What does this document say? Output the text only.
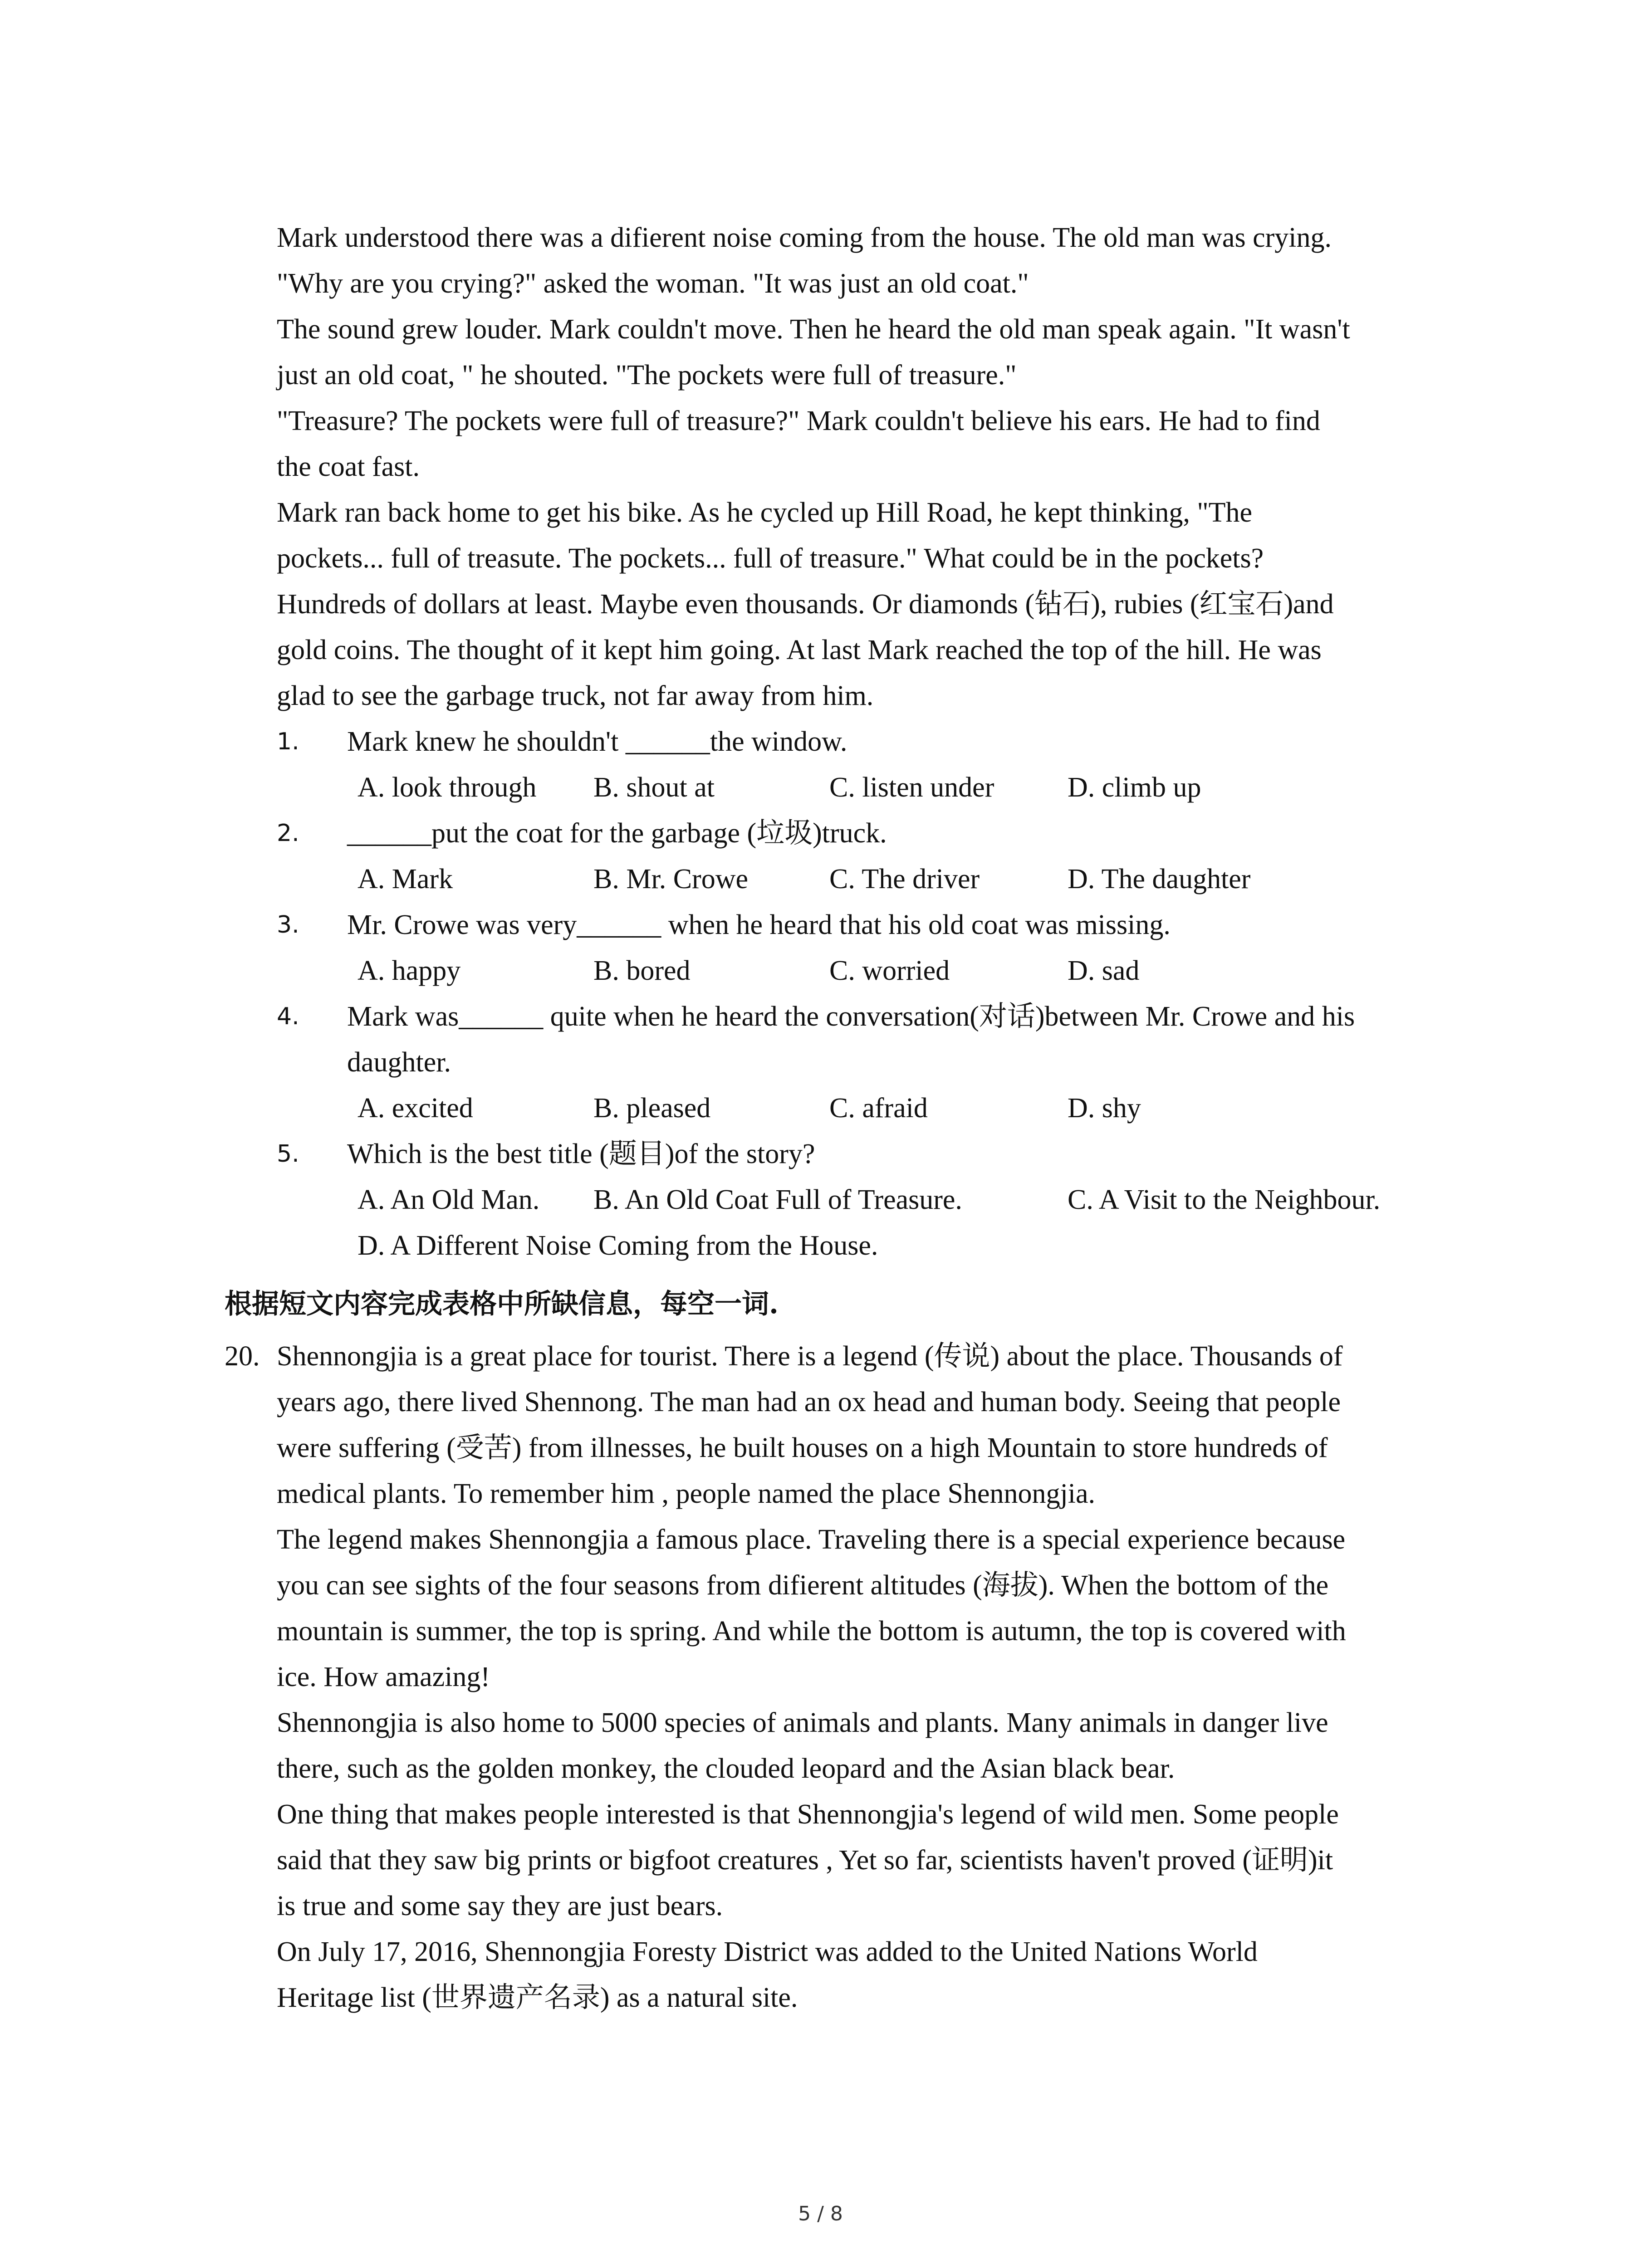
Mark understood there was a difierent noise coming from the house. The old man was crying.
"Why are you crying?" asked the woman. "It was just an old coat."
The sound grew louder. Mark couldn't move. Then he heard the old man speak again. "It wasn't
just an old coat, " he shouted. "The pockets were full of treasure."
"Treasure? The pockets were full of treasure?" Mark couldn't believe his ears. He had to find
the coat fast.
Mark ran back home to get his bike. As he cycled up Hill Road, he kept thinking, "The
pockets... full of treasute. The pockets... full of treasure." What could be in the pockets?
Hundreds of dollars at least. Maybe even thousands. Or diamonds (钻石), rubies (红宝石)and
gold coins. The thought of it kept him going. At last Mark reached the top of the hill. He was
glad to see the garbage truck, not far away from him.
1. Mark knew he shouldn't ______the window.
A. look through B. shout at	C. listen under	D. climb up
2. ______put the coat for the garbage (垃圾)truck.
A. Mark	B. Mr. Crowe	C. The driver	D. The daughter
3. Mr. Crowe was very______ when he heard that his old coat was missing.
A. happy	B. bored	C. worried	D. sad
4. Mark was______ quite when he heard the conversation(对话)between Mr. Crowe and his
daughter.
A. excited	B. pleased	C. afraid	D. shy
5. Which is the best title (题目)of the story?
A. An Old Man. B. An Old Coat Full of Treasure.	C. A Visit to the Neighbour.
D. A Different Noise Coming from the House.
根据短文内容完成表格中所缺信息，每空一词.
20. Shennongjia is a great place for tourist. There is a legend (传说) about the place. Thousands of
years ago, there lived Shennong. The man had an ox head and human body. Seeing that people
were suffering (受苦) from illnesses, he built houses on a high Mountain to store hundreds of
medical plants. To remember him , people named the place Shennongjia.
The legend makes Shennongjia a famous place. Traveling there is a special experience because
you can see sights of the four seasons from difierent altitudes (海拔). When the bottom of the
mountain is summer, the top is spring. And while the bottom is autumn, the top is covered with
ice. How amazing!
Shennongjia is also home to 5000 species of animals and plants. Many animals in danger live
there, such as the golden monkey, the clouded leopard and the Asian black bear.
One thing that makes people interested is that Shennongjia's legend of wild men. Some people
said that they saw big prints or bigfoot creatures , Yet so far, scientists haven't proved (证明)it
is true and some say they are just bears.
On July 17, 2016, Shennongjia Foresty District was added to the United Nations World
Heritage list (世界遗产名录) as a natural site.
5 / 8
